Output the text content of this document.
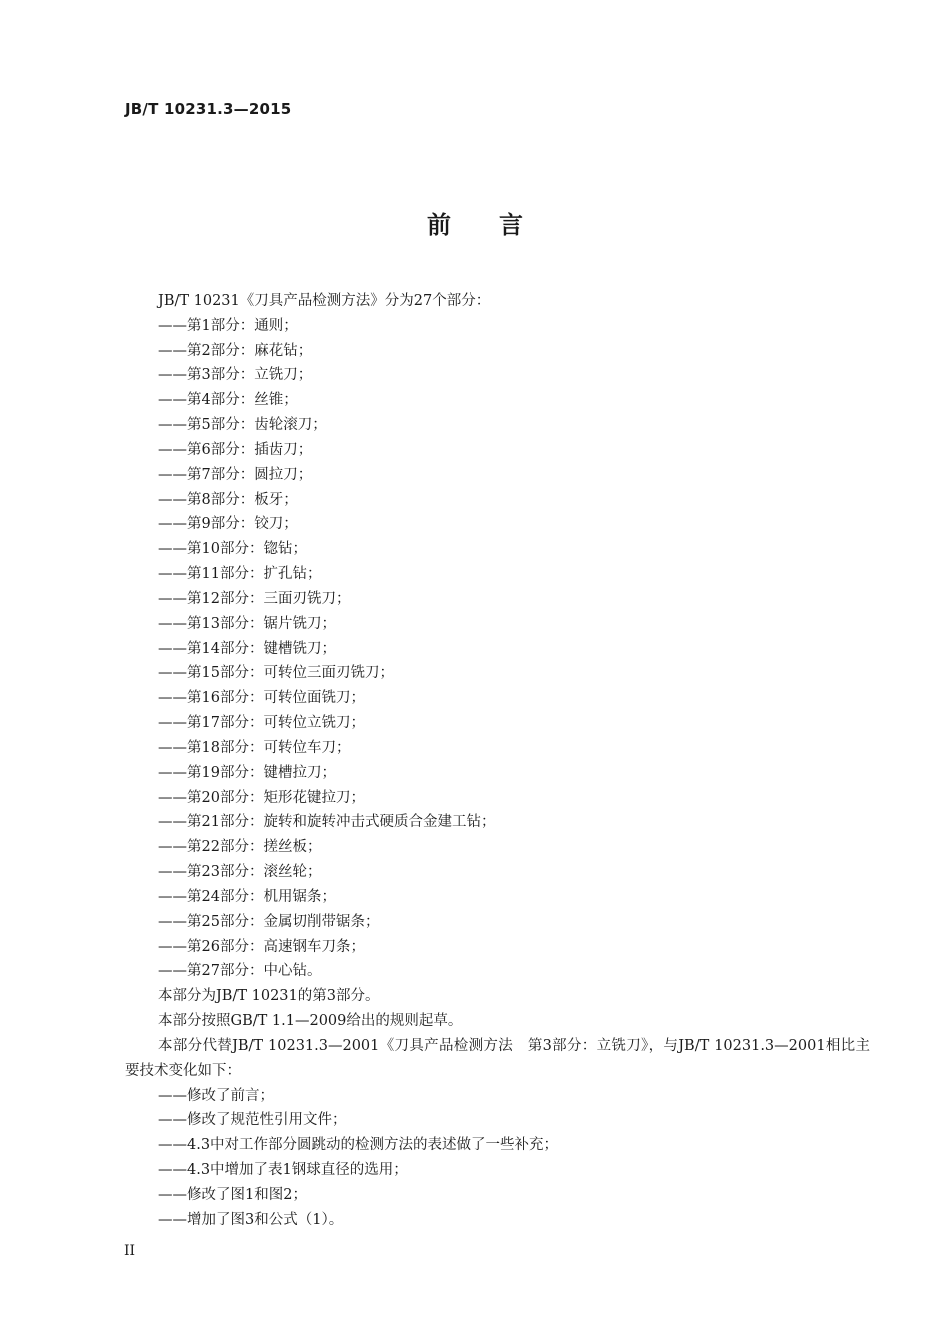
JB/T 10231.3—2015
前言
JB/T 10231《刀具产品检测方法》分为27个部分：
——第1部分：通则；
——第2部分：麻花钻；
——第3部分：立铣刀；
——第4部分：丝锥；
——第5部分：齿轮滚刀；
——第6部分：插齿刀；
——第7部分：圆拉刀；
——第8部分：板牙；
——第9部分：铰刀；
——第10部分：锪钻；
——第11部分：扩孔钻；
——第12部分：三面刃铣刀；
——第13部分：锯片铣刀；
——第14部分：键槽铣刀；
——第15部分：可转位三面刃铣刀；
——第16部分：可转位面铣刀；
——第17部分：可转位立铣刀；
——第18部分：可转位车刀；
——第19部分：键槽拉刀；
——第20部分：矩形花键拉刀；
——第21部分：旋转和旋转冲击式硬质合金建工钻；
——第22部分：搓丝板；
——第23部分：滚丝轮；
——第24部分：机用锯条；
——第25部分：金属切削带锯条；
——第26部分：高速钢车刀条；
——第27部分：中心钻。
本部分为JB/T 10231的第3部分。
本部分按照GB/T 1.1—2009给出的规则起草。
本部分代替JB/T 10231.3—2001《刀具产品检测方法　第3部分：立铣刀》，与JB/T 10231.3—2001相比主要技术变化如下：
——修改了前言；
——修改了规范性引用文件；
——4.3中对工作部分圆跳动的检测方法的表述做了一些补充；
——4.3中增加了表1钢球直径的选用；
——修改了图1和图2；
——增加了图3和公式（1）。
II
